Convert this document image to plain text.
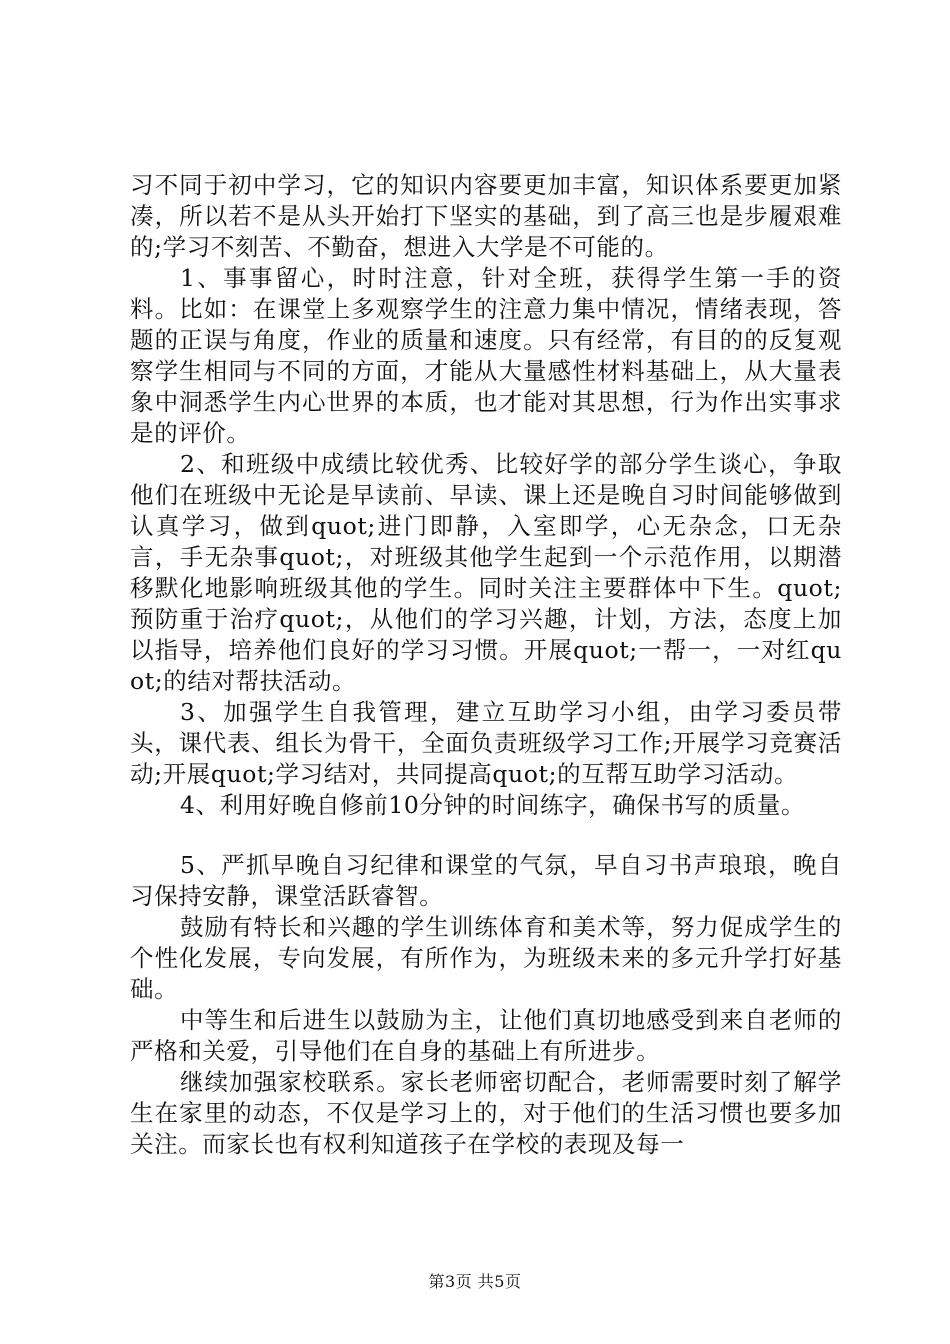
习不同于初中学习，它的知识内容要更加丰富，知识体系要更加紧凑，所以若不是从头开始打下坚实的基础，到了高三也是步履艰难的;学习不刻苦、不勤奋，想进入大学是不可能的。

1、事事留心，时时注意，针对全班，获得学生第一手的资料。比如：在课堂上多观察学生的注意力集中情况，情绪表现，答题的正误与角度，作业的质量和速度。只有经常，有目的的反复观察学生相同与不同的方面，才能从大量感性材料基础上，从大量表象中洞悉学生内心世界的本质，也才能对其思想，行为作出实事求是的评价。

2、和班级中成绩比较优秀、比较好学的部分学生谈心，争取他们在班级中无论是早读前、早读、课上还是晚自习时间能够做到认真学习，做到quot;进门即静，入室即学，心无杂念，口无杂言，手无杂事quot;，对班级其他学生起到一个示范作用，以期潜移默化地影响班级其他的学生。同时关注主要群体中下生。quot;预防重于治疗quot;，从他们的学习兴趣，计划，方法，态度上加以指导，培养他们良好的学习习惯。开展quot;一帮一，一对红quot;的结对帮扶活动。

3、加强学生自我管理，建立互助学习小组，由学习委员带头，课代表、组长为骨干，全面负责班级学习工作;开展学习竞赛活动;开展quot;学习结对，共同提高quot;的互帮互助学习活动。

4、利用好晚自修前10分钟的时间练字，确保书写的质量。

5、严抓早晚自习纪律和课堂的气氛，早自习书声琅琅，晚自习保持安静，课堂活跃睿智。

鼓励有特长和兴趣的学生训练体育和美术等，努力促成学生的个性化发展，专向发展，有所作为，为班级未来的多元升学打好基础。

中等生和后进生以鼓励为主，让他们真切地感受到来自老师的严格和关爱，引导他们在自身的基础上有所进步。

继续加强家校联系。家长老师密切配合，老师需要时刻了解学生在家里的动态，不仅是学习上的，对于他们的生活习惯也要多加关注。而家长也有权利知道孩子在学校的表现及每一

第3页 共5页
